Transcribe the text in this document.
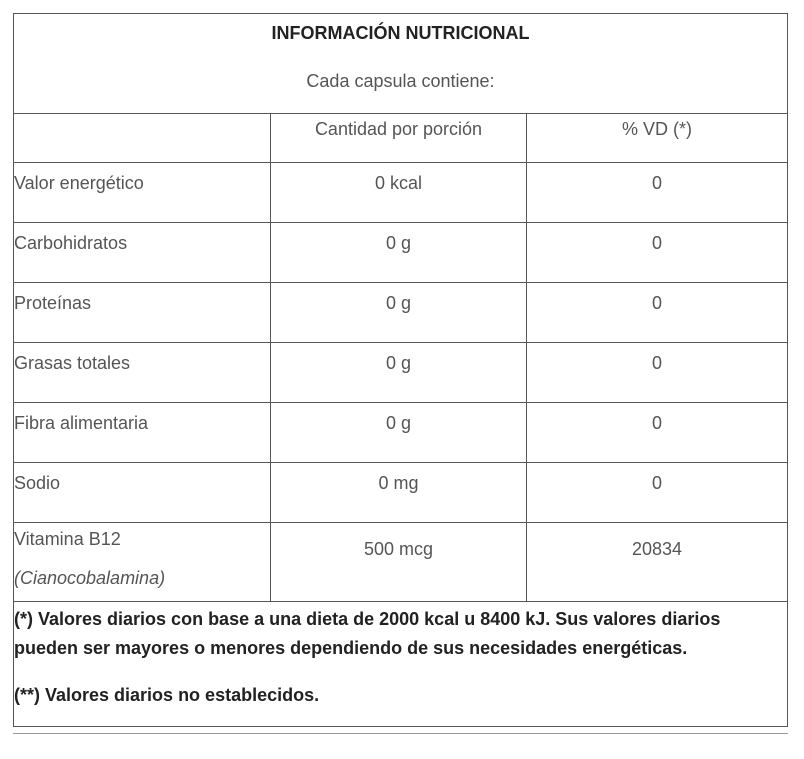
INFORMACIÓN NUTRICIONAL
Cada capsula contiene:		

	Cantidad por porción	% VD (*)

Valor energético	0 kcal	0

Carbohidratos	0 g	0

Proteínas	0 g	0

Grasas totales	0 g	0

Fibra alimentaria	0 g	0

Sodio	0 mg	0

Vitamina B12
(Cianocobalamina)	500 mcg	20834

(*) Valores diarios con base a una dieta de 2000 kcal u 8400 kJ. Sus valores diarios pueden ser mayores o menores dependiendo de sus necesidades energéticas.

(**) Valores diarios no establecidos.		
